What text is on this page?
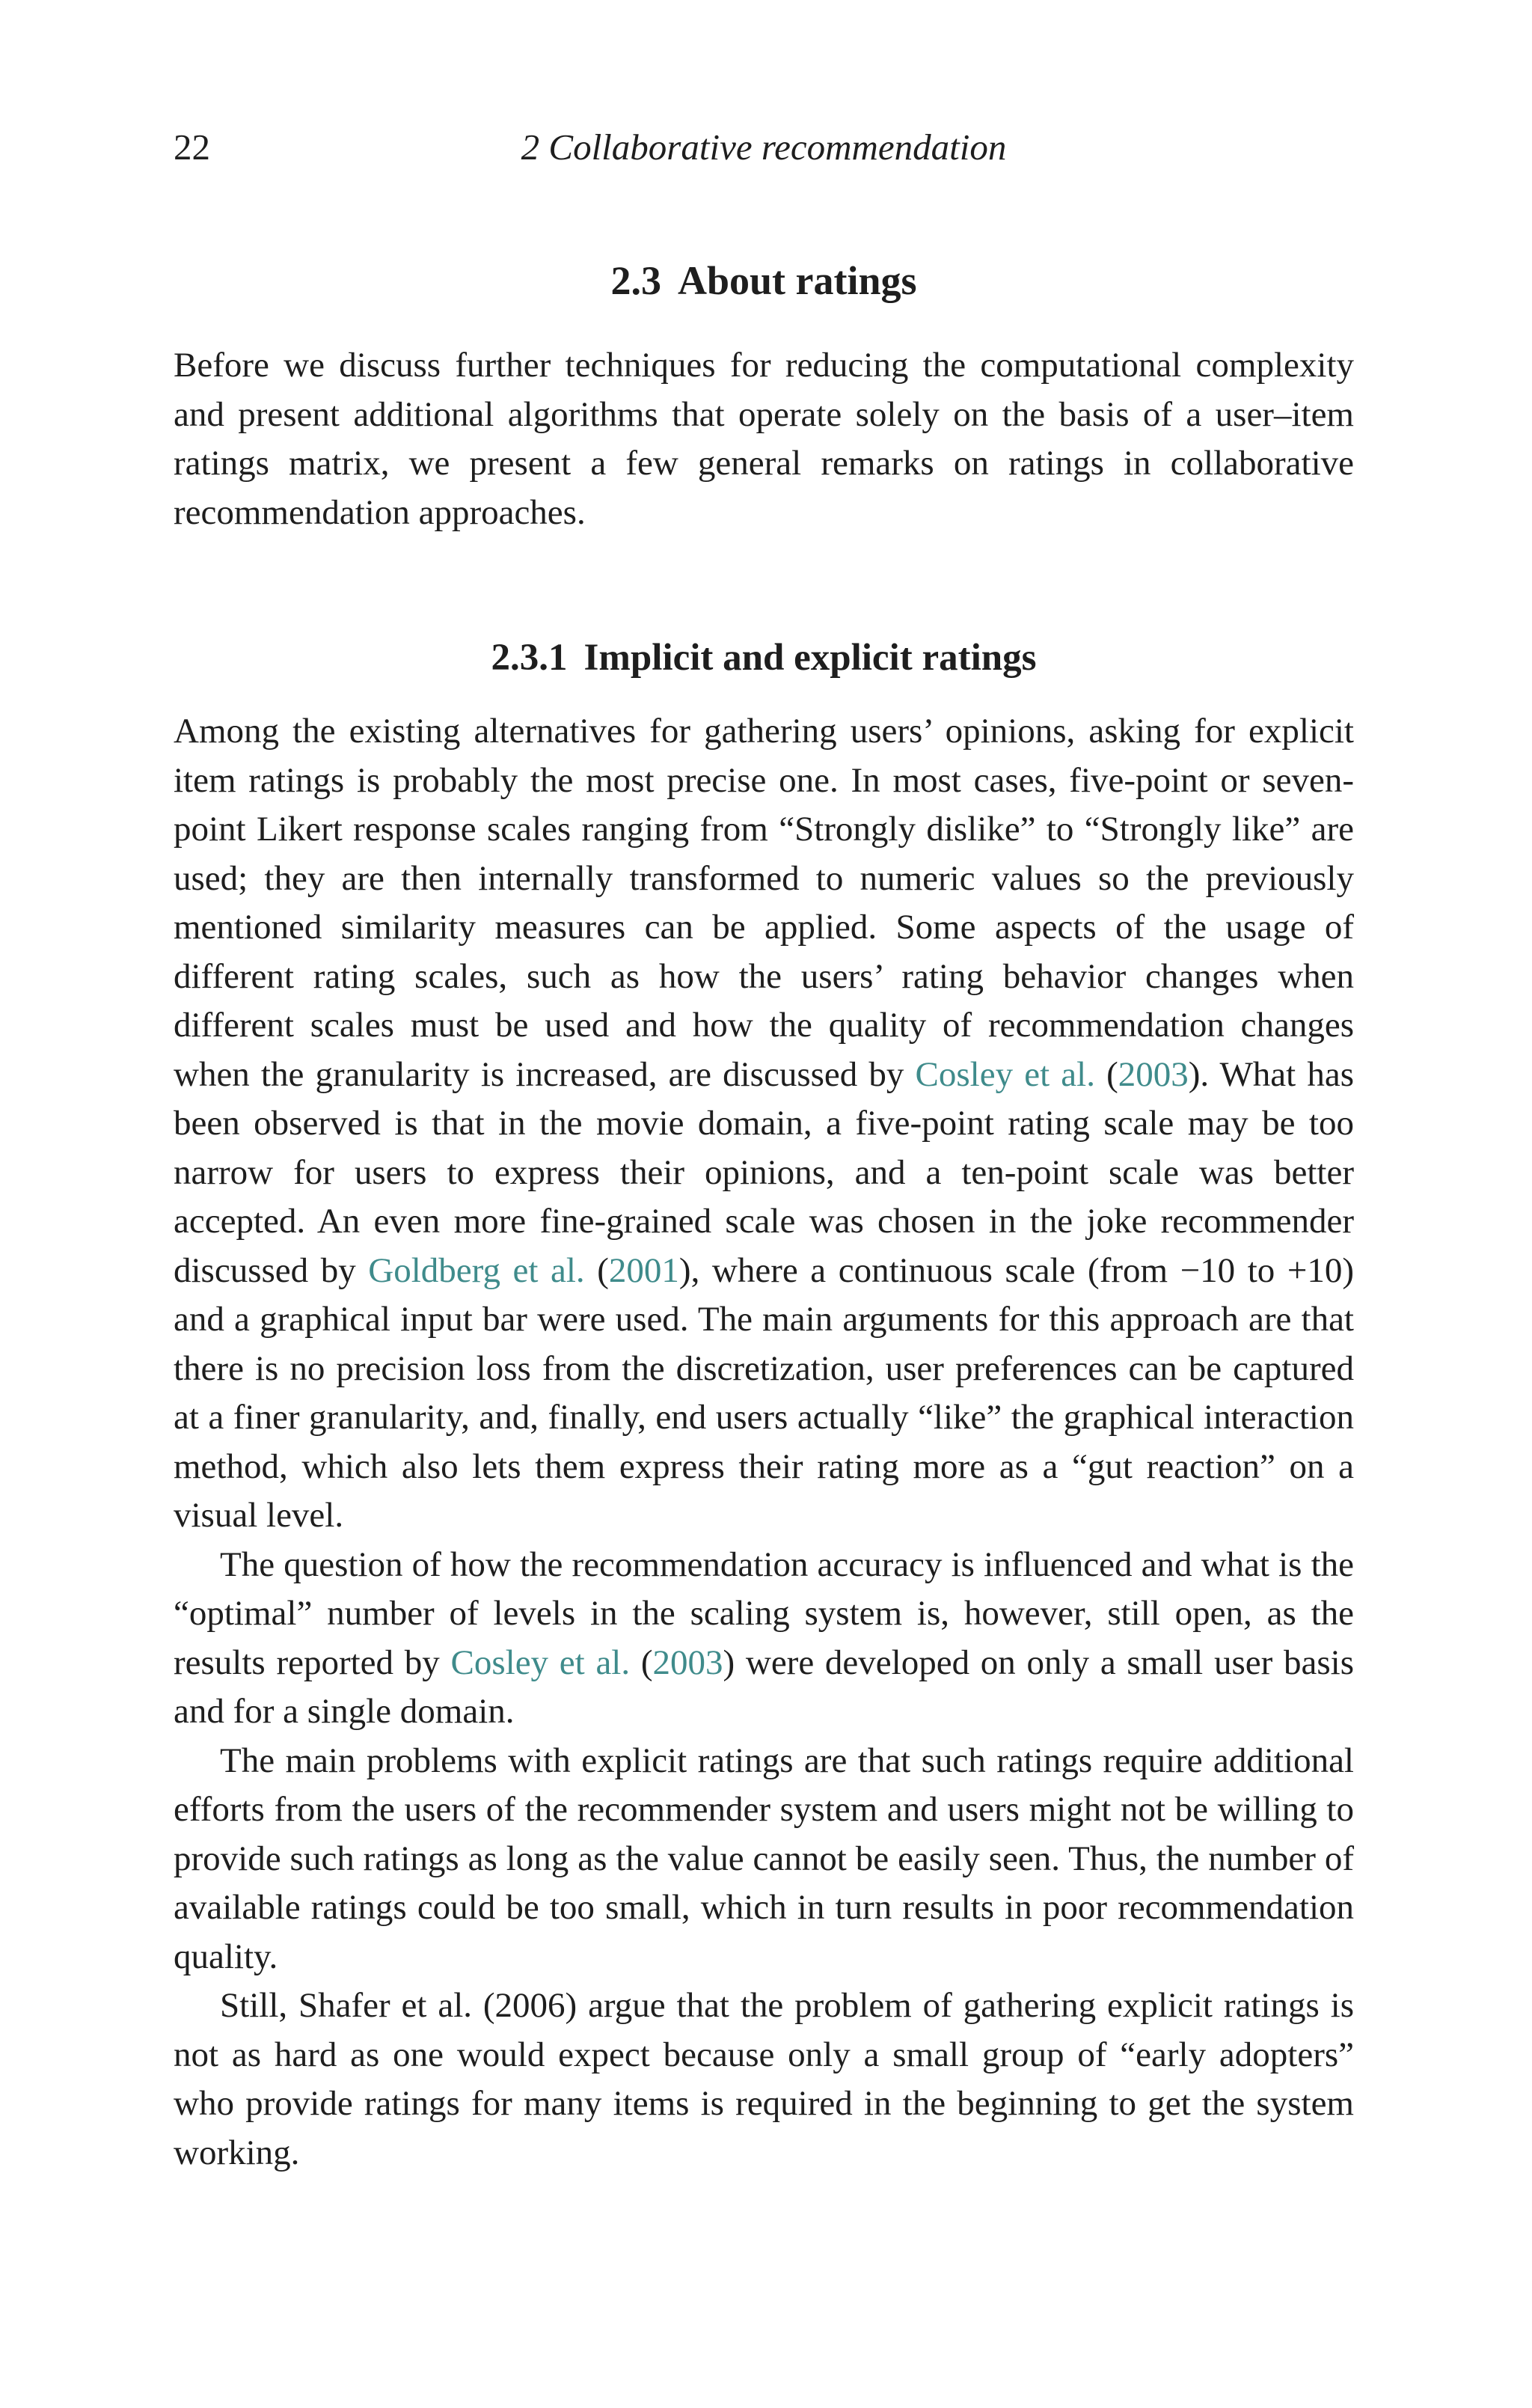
22	2 Collaborative recommendation
2.3 About ratings

Before we discuss further techniques for reducing the computational complexity and present additional algorithms that operate solely on the basis of a user–item ratings matrix, we present a few general remarks on ratings in collaborative recommendation approaches.

2.3.1 Implicit and explicit ratings

Among the existing alternatives for gathering users’ opinions, asking for explicit item ratings is probably the most precise one. In most cases, five-point or seven-point Likert response scales ranging from “Strongly dislike” to “Strongly like” are used; they are then internally transformed to numeric values so the previously mentioned similarity measures can be applied. Some aspects of the usage of different rating scales, such as how the users’ rating behavior changes when different scales must be used and how the quality of recommendation changes when the granularity is increased, are discussed by Cosley et al. (2003). What has been observed is that in the movie domain, a five-point rating scale may be too narrow for users to express their opinions, and a ten-point scale was better accepted. An even more fine-grained scale was chosen in the joke recommender discussed by Goldberg et al. (2001), where a continuous scale (from −10 to +10) and a graphical input bar were used. The main arguments for this approach are that there is no precision loss from the discretization, user preferences can be captured at a finer granularity, and, finally, end users actually “like” the graphical interaction method, which also lets them express their rating more as a “gut reaction” on a visual level.

The question of how the recommendation accuracy is influenced and what is the “optimal” number of levels in the scaling system is, however, still open, as the results reported by Cosley et al. (2003) were developed on only a small user basis and for a single domain.

The main problems with explicit ratings are that such ratings require additional efforts from the users of the recommender system and users might not be willing to provide such ratings as long as the value cannot be easily seen. Thus, the number of available ratings could be too small, which in turn results in poor recommendation quality.

Still, Shafer et al. (2006) argue that the problem of gathering explicit ratings is not as hard as one would expect because only a small group of “early adopters” who provide ratings for many items is required in the beginning to get the system working.
